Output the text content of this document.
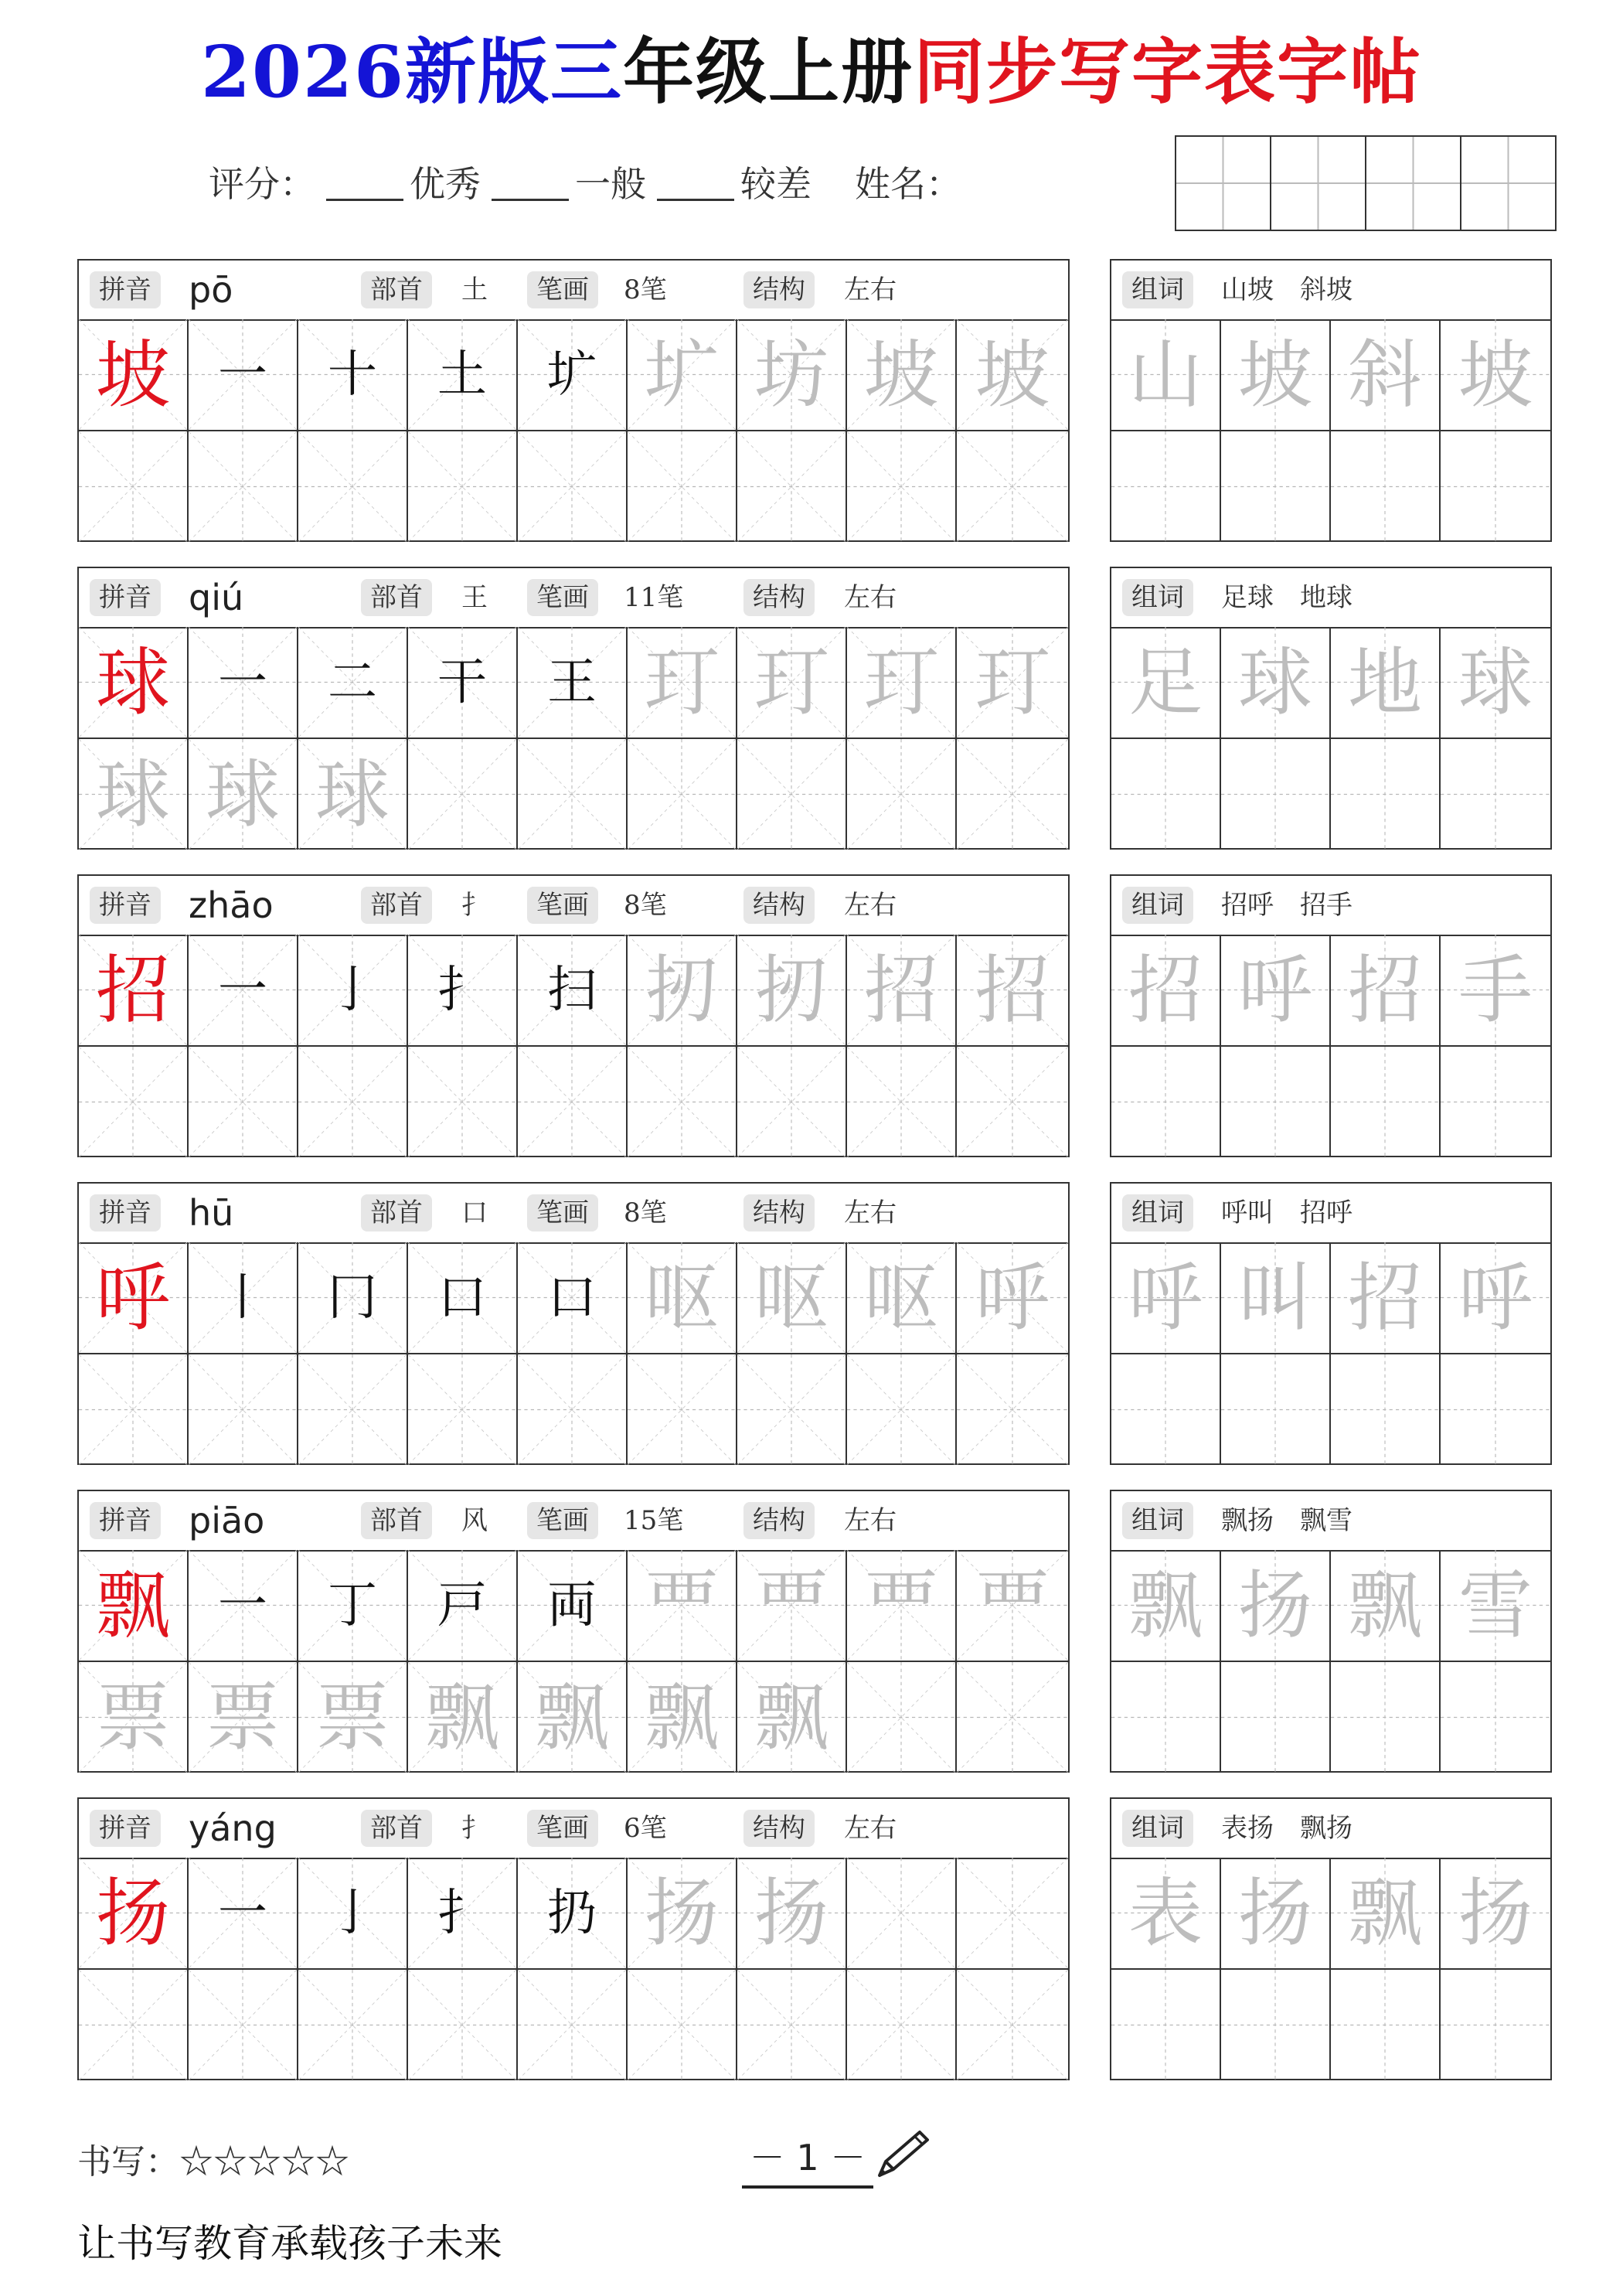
2026新版三年级上册同步写字表字帖
评分：	优秀	一般	较差 姓名：
拼音 pō	部首	土	笔画	8笔	结构	左右
坡 一 十 土 圹 圹 坊 坡 坡
组词	山坡　斜坡
山 坡 斜 坡
拼音 qiú	部首	王	笔画	11笔	结构	左右
球 一 二 干 王 玎 玎 玎 玎
球 球 球
组词	足球　地球
足 球 地 球
拼音 zhāo	部首	扌	笔画	8笔	结构	左右
招 一 亅 扌 扫 扨 扨 招 招
组词	招呼　招手
招 呼 招 手
拼音 hū	部首	口	笔画	8笔	结构	左右
呼 丨 冂 口 口 呕 呕 呕 呼
组词	呼叫　招呼
呼 叫 招 呼
拼音 piāo	部首	风	笔画	15笔	结构	左右
飘 一 丁 戸 両 覀 覀 覀 覀
票 票 票 飘 飘 飘 飘
组词	飘扬　飘雪
飘 扬 飘 雪
拼音 yáng	部首	扌	笔画	6笔	结构	左右
扬 一 亅 扌 扔 扬 扬
组词	表扬　飘扬
表 扬 飘 扬
书写：☆☆☆☆☆	－ 1 －
让书写教育承载孩子未来
